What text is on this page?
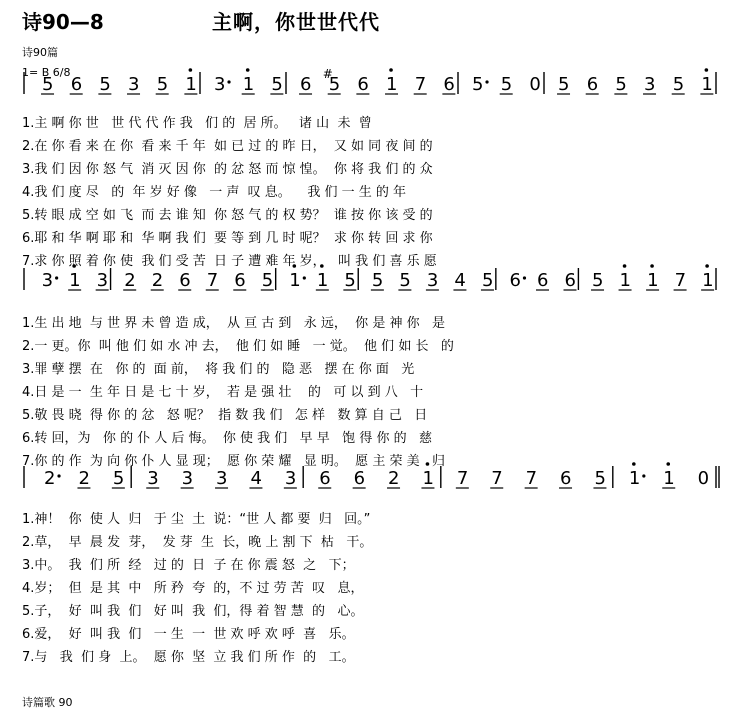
诗90—8	主啊，你世世代代
诗90篇
1= B 6/8
5 6 5 3 5 1 3 1 5 6 5
# 6 1 7 6 5 5 0 5 6 5 3 5 1
3 1 3 2 2 6 7 6 5 1 1 5 5 5 3 4 5 6 6 6 5 1 1 7 1
2 2 5 3 3 3 4 3 6 6 2 1 7 7 7 6 5 1 1 0
1.主 啊 你 世   世 代 代 作 我   们 的  居 所。   诸 山  未  曾
2.在 你 看 来 在 你  看 来 千 年  如 已 过 的 昨 日，  又 如 同 夜 间 的
3.我 们 因 你 怒 气  消 灭 因 你  的 忿 怒 而 惊 惶。  你 将 我 们 的 众
4.我 们 度 尽   的  年 岁 好 像   一 声  叹 息。    我 们 一 生 的 年
5.转 眼 成 空 如 飞  而 去 谁 知  你 怒 气 的 权 势？  谁 按 你 该 受 的
6.耶 和 华 啊 耶 和  华 啊 我 们  要 等 到 几 时 呢？  求 你 转 回 求 你
7.求 你 照 着 你 使  我 们 受 苦  日 子 遭 难 年 岁，   叫 我 们 喜 乐 愿
1.生 出 地  与 世 界 未 曾 造 成，  从 亘 古 到   永 远，  你 是 神 你   是
2.一 更。你  叫 他 们 如 水 冲 去，  他 们 如 睡   一 觉。  他 们 如 长   的
3.罪 孽 摆  在   你 的  面 前，  将 我 们 的   隐 恶   摆 在 你 面   光
4.日 是 一  生 年 日 是 七 十 岁，  若 是 强 壮    的   可 以 到 八   十
5.敬 畏 晓  得 你 的 忿   怒 呢？  指 数 我 们   怎 样   数 算 自 己   日
6.转 回，为   你 的 仆 人 后 悔。  你 使 我 们   早 早   饱 得 你 的   慈
7.你 的 作  为 向 你 仆 人 显 现；  愿 你 荣 耀   显 明。  愿 主 荣 美   归
1.神！  你  使 人  归   于 尘  土  说：“世 人 都 要  归   回。”
2.草，  早  晨 发  芽，  发 芽  生  长，晚 上 割 下  枯   干。
3.中。  我  们 所  经   过 的  日  子 在 你 震 怒  之   下；
4.岁；  但  是 其  中   所 矜  夸  的，不 过 劳 苦  叹   息，
5.子，  好  叫 我  们   好 叫  我  们，得 着 智 慧  的   心。
6.爱，  好  叫 我  们   一 生  一  世 欢 呼 欢 呼  喜   乐。
7.与   我  们 身  上。  愿 你  坚  立 我 们 所 作  的   工。
诗篇歌 90
